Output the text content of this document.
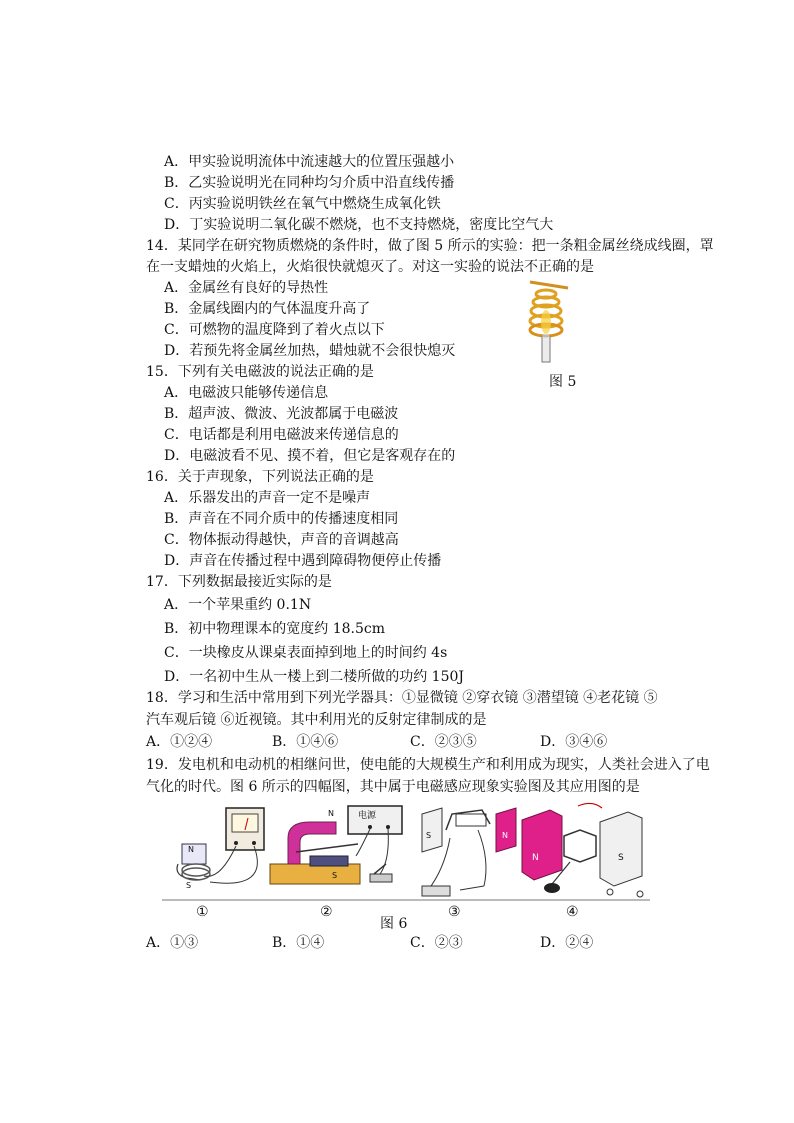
A．甲实验说明流体中流速越大的位置压强越小
B．乙实验说明光在同种均匀介质中沿直线传播
C．丙实验说明铁丝在氧气中燃烧生成氧化铁
D．丁实验说明二氧化碳不燃烧，也不支持燃烧，密度比空气大
14．某同学在研究物质燃烧的条件时，做了图 5 所示的实验：把一条粗金属丝绕成线圈，罩
在一支蜡烛的火焰上，火焰很快就熄灭了。对这一实验的说法不正确的是
A．金属丝有良好的导热性
B．金属线圈内的气体温度升高了
C．可燃物的温度降到了着火点以下
D．若预先将金属丝加热，蜡烛就不会很快熄灭
图 5
15．下列有关电磁波的说法正确的是
A．电磁波只能够传递信息
B．超声波、微波、光波都属于电磁波
C．电话都是利用电磁波来传递信息的
D．电磁波看不见、摸不着，但它是客观存在的
16．关于声现象，下列说法正确的是
A．乐器发出的声音一定不是噪声
B．声音在不同介质中的传播速度相同
C．物体振动得越快，声音的音调越高
D．声音在传播过程中遇到障碍物便停止传播
17．下列数据最接近实际的是
A．一个苹果重约 0.1N
B．初中物理课本的宽度约 18.5cm
C．一块橡皮从课桌表面掉到地上的时间约 4s
D．一名初中生从一楼上到二楼所做的功约 150J
18．学习和生活中常用到下列光学器具：①显微镜 ②穿衣镜 ③潜望镜 ④老花镜 ⑤
汽车观后镜 ⑥近视镜。其中利用光的反射定律制成的是
A．①②④	B．①④⑥	C．②③⑤	D．③④⑥
19．发电机和电动机的相继问世，使电能的大规模生产和利用成为现实，人类社会进入了电
气化的时代。图 6 所示的四幅图，其中属于电磁感应现象实验图及其应用图的是
N
S
N
S
电源
S	N
N	S
①	②	③	④
图 6
A．①③	B．①④	C．②③	D．②④
